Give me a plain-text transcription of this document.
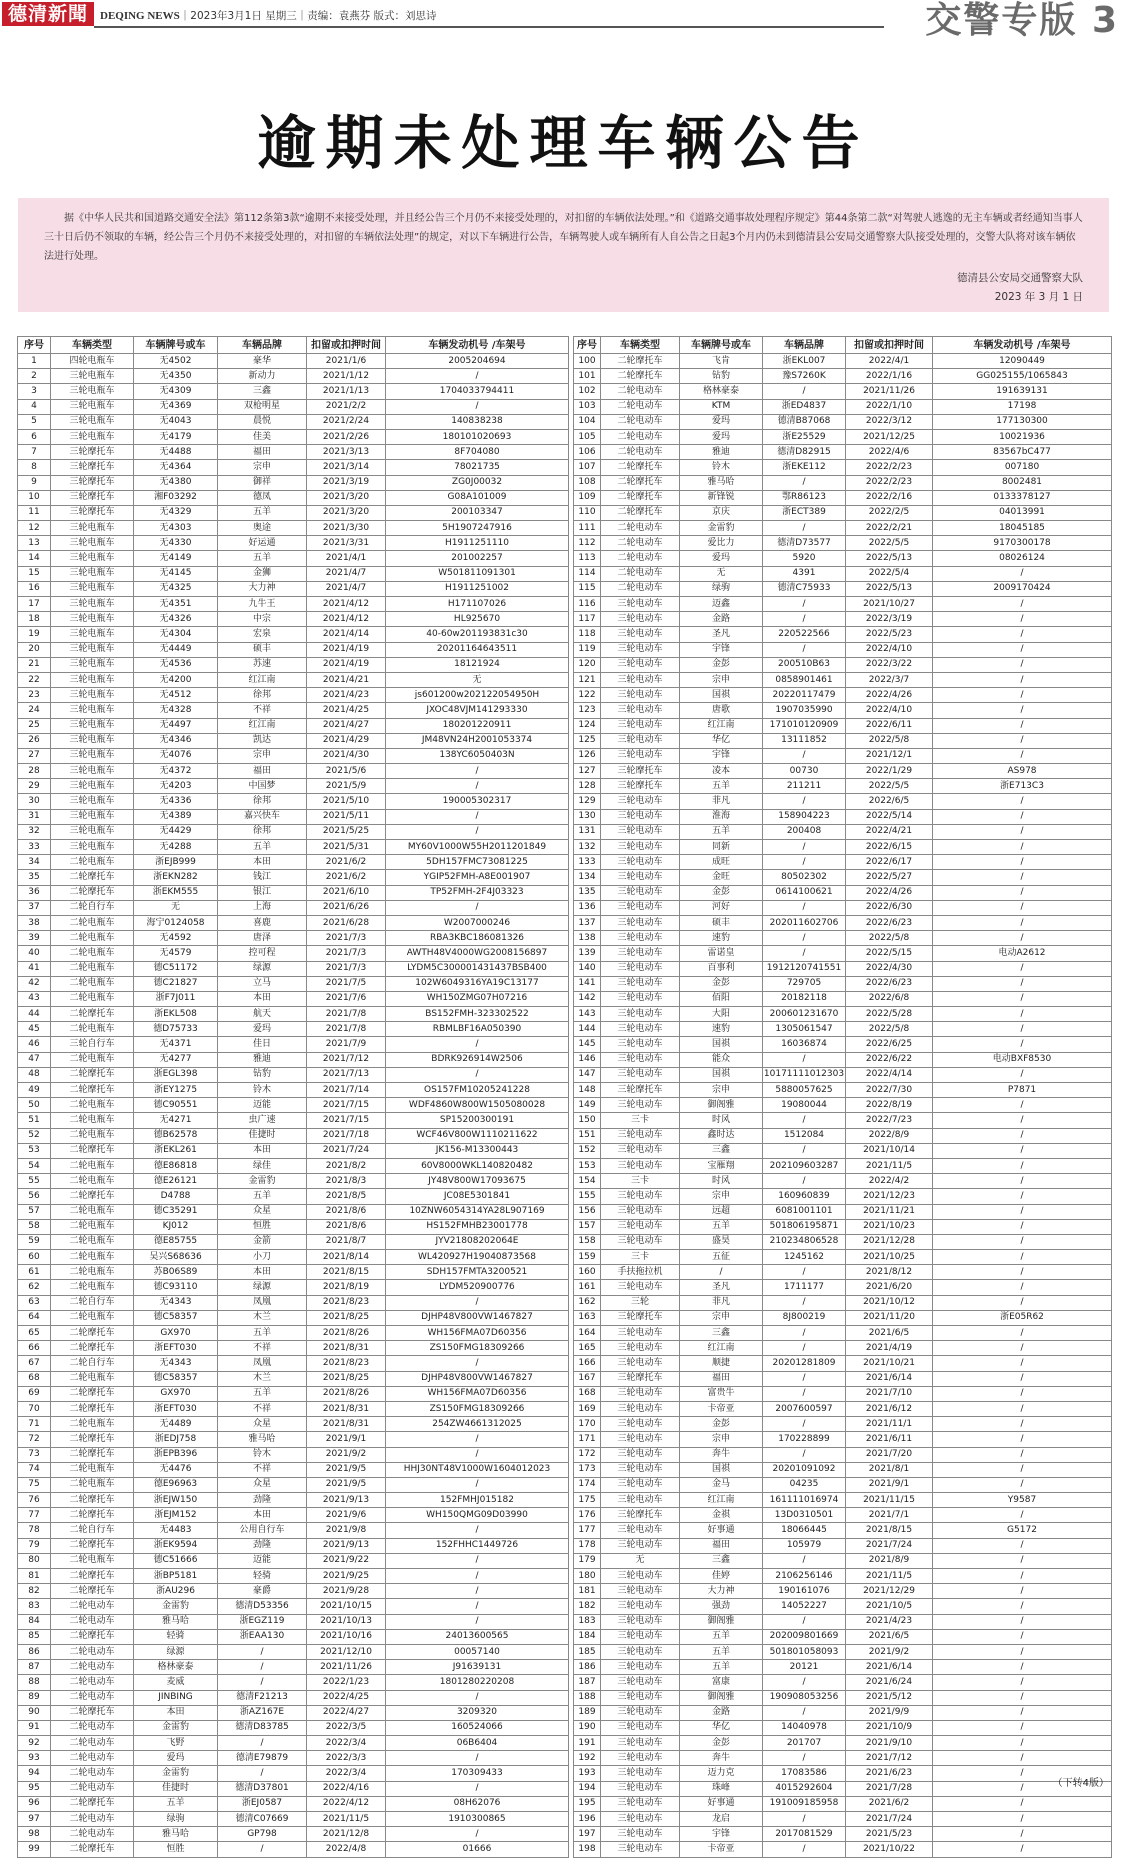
德清新聞	DEQING NEWS｜2023年3月1日 星期三｜责编：袁燕芬 版式：刘思诗	交警专版 3
逾期未处理车辆公告

据《中华人民共和国道路交通安全法》第112条第3款“逾期不来接受处理，并且经公告三个月仍不来接受处理的，对扣留的车辆依法处理。”和《道路交通事故处理程序规定》第44条第二款“对驾驶人逃逸的无主车辆或者经通知当事人三十日后仍不领取的车辆，经公告三个月仍不来接受处理的，对扣留的车辆依法处理”的规定，对以下车辆进行公告，车辆驾驶人或车辆所有人自公告之日起3个月内仍未到德清县公安局交通警察大队接受处理的，交警大队将对该车辆依法进行处理。

德清县公安局交通警察大队
2023 年 3 月 1 日
序号	车辆类型	车辆牌号或车	车辆品牌	扣留或扣押时间	车辆发动机号 /车架号
1	四轮电瓶车	无4502	豪华	2021/1/6	2005204694
2	三轮电瓶车	无4350	新动力	2021/1/12	/
3	三轮电瓶车	无4309	三鑫	2021/1/13	1704033794411
4	三轮电瓶车	无4369	双枪明星	2021/2/2	/
5	三轮电瓶车	无4043	晨悦	2021/2/24	140838238
6	三轮电瓶车	无4179	佳美	2021/2/26	180101020693
7	三轮摩托车	无4488	福田	2021/3/13	8F704080
8	三轮摩托车	无4364	宗申	2021/3/14	78021735
9	三轮摩托车	无4380	御祥	2021/3/19	ZG0J00032
10	三轮摩托车	湘F03292	德凤	2021/3/20	G08A101009
11	三轮摩托车	无4329	五羊	2021/3/20	200103347
12	三轮电瓶车	无4303	奥途	2021/3/30	5H1907247916
13	三轮电瓶车	无4330	好运通	2021/3/31	H1911251110
14	三轮电瓶车	无4149	五羊	2021/4/1	201002257
15	三轮电瓶车	无4145	金狮	2021/4/7	W501811091301
16	三轮电瓶车	无4325	大力神	2021/4/7	H1911251002
17	三轮电瓶车	无4351	九牛王	2021/4/12	H171107026
18	三轮电瓶车	无4326	中宗	2021/4/12	HL925670
19	三轮电瓶车	无4304	宏泉	2021/4/14	40-60w201193831c30
20	三轮电瓶车	无4449	硕丰	2021/4/19	20201164643511
21	三轮电瓶车	无4536	苏速	2021/4/19	18121924
22	三轮电瓶车	无4200	红江南	2021/4/21	无
23	三轮电瓶车	无4512	徐邦	2021/4/23	js601200w202122054950H
24	三轮电瓶车	无4328	不祥	2021/4/25	JXOC48VJM141293330
25	三轮电瓶车	无4497	红江南	2021/4/27	180201220911
26	三轮电瓶车	无4346	凯达	2021/4/29	JM48VN24H2001053374
27	三轮电瓶车	无4076	宗申	2021/4/30	138YC6050403N
28	三轮电瓶车	无4372	福田	2021/5/6	/
29	三轮电瓶车	无4203	中国梦	2021/5/9	/
30	三轮电瓶车	无4336	徐邦	2021/5/10	190005302317
31	三轮电瓶车	无4389	嘉兴快车	2021/5/11	/
32	三轮电瓶车	无4429	徐邦	2021/5/25	/
33	三轮电瓶车	无4288	五羊	2021/5/31	MY60V1000W55H2011201849
34	二轮电瓶车	浙EJB999	本田	2021/6/2	5DH157FMC73081225
35	二轮摩托车	浙EKN282	钱江	2021/6/2	YGIP52FMH-A8E001907
36	二轮摩托车	浙EKM555	银江	2021/6/10	TP52FMH-2F4J03323
37	二轮自行车	无	上海	2021/6/26	/
38	二轮电瓶车	海宁0124058	喜鹿	2021/6/28	W2007000246
39	二轮电瓶车	无4592	唐泽	2021/7/3	RBA3KBC186081326
40	二轮电瓶车	无4579	控可程	2021/7/3	AWTH48V4000WG2008156897
41	二轮电瓶车	德C51172	绿源	2021/7/3	LYDM5C300001431437BSB400
42	二轮电瓶车	德C21827	立马	2021/7/5	102W6049316YA19C13177
43	二轮电瓶车	浙F7J011	本田	2021/7/6	WH150ZMG07H07216
44	二轮摩托车	浙EKL508	航天	2021/7/8	BS152FMH-323302522
45	二轮电瓶车	德D75733	爱玛	2021/7/8	RBMLBF16A050390
46	三轮自行车	无4371	佳日	2021/7/9	/
47	二轮电瓶车	无4277	雅迪	2021/7/12	BDRK926914W2506
48	二轮摩托车	浙EGL398	钻豹	2021/7/13	/
49	二轮摩托车	浙EY1275	铃木	2021/7/14	OS157FM10205241228
50	二轮电瓶车	德C90551	迈能	2021/7/15	WDF4860W800W1505080028
51	二轮电瓶车	无4271	虫广速	2021/7/15	SP15200300191
52	二轮电瓶车	德B62578	佳捷时	2021/7/18	WCF46V800W1110211622
53	二轮摩托车	浙EKL261	本田	2021/7/24	JK156-M13300443
54	二轮电瓶车	德E86818	绿佳	2021/8/2	60V8000WKL140820482
55	二轮电瓶车	德E26121	金雷豹	2021/8/3	JY48V800W17093675
56	二轮摩托车	D4788	五羊	2021/8/5	JC08E5301841
57	二轮电瓶车	德C35291	众星	2021/8/6	10ZNW6054314YA28L907169
58	二轮电瓶车	KJ012	恒胜	2021/8/6	HS152FMHB23001778
59	二轮电瓶车	德E85755	金箭	2021/8/7	JYV21808202064E
60	二轮电瓶车	吴兴S68636	小刀	2021/8/14	WL420927H19040873568
61	二轮电瓶车	苏B06S89	本田	2021/8/15	SDH157FMTA3200521
62	二轮电瓶车	德C93110	绿源	2021/8/19	LYDM520900776
63	二轮自行车	无4343	凤凰	2021/8/23	/
64	二轮电瓶车	德C58357	木兰	2021/8/25	DJHP48V800VW1467827
65	二轮摩托车	GX970	五羊	2021/8/26	WH156FMA07D60356
66	二轮摩托车	浙EFT030	不祥	2021/8/31	ZS150FMG18309266
67	二轮自行车	无4343	凤凰	2021/8/23	/
68	二轮电瓶车	德C58357	木兰	2021/8/25	DJHP48V800VW1467827
69	二轮摩托车	GX970	五羊	2021/8/26	WH156FMA07D60356
70	二轮摩托车	浙EFT030	不祥	2021/8/31	ZS150FMG18309266
71	二轮电瓶车	无4489	众星	2021/8/31	254ZW4661312025
72	二轮摩托车	浙EDJ758	雅马哈	2021/9/1	/
73	二轮摩托车	浙EPB396	铃木	2021/9/2	/
74	二轮电瓶车	无4476	不祥	2021/9/5	HHJ30NT48V1000W1604012023
75	二轮电瓶车	德E96963	众星	2021/9/5	/
76	二轮摩托车	浙EJW150	劲隆	2021/9/13	152FMHJ015182
77	二轮摩托车	浙EJM152	本田	2021/9/6	WH150QMG09D03990
78	二轮自行车	无4483	公用自行车	2021/9/8	/
79	二轮摩托车	浙EK9594	劲隆	2021/9/13	152FHHC1449726
80	二轮电瓶车	德C51666	迈能	2021/9/22	/
81	二轮摩托车	浙BP5181	轻骑	2021/9/25	/
82	二轮摩托车	浙AU296	豪爵	2021/9/28	/
83	二轮电动车	金雷豹	德清D53356	2021/10/15	/
84	二轮电动车	雅马哈	浙EGZ119	2021/10/13	/
85	二轮摩托车	轻骑	浙EAA130	2021/10/16	24013600565
86	二轮电动车	绿源	/	2021/12/10	00057140
87	二轮电动车	格林豪泰	/	2021/11/26	J91639131
88	二轮电动车	麦威	/	2022/1/23	1801280220208
89	二轮电动车	JINBING	德清F21213	2022/4/25	/
90	二轮摩托车	本田	浙AZ167E	2022/4/27	3209320
91	二轮电动车	金雷豹	德清D83785	2022/3/5	160524066
92	二轮电动车	飞野	/	2022/3/4	06B6404
93	二轮电动车	爱玛	德清E79879	2022/3/3	/
94	二轮电动车	金雷豹	/	2022/3/4	170309433
95	二轮电动车	佳捷时	德清D37801	2022/4/16	/
96	二轮摩托车	五羊	浙EJ0587	2022/4/12	08H62076
97	二轮电动车	绿驹	德清C07669	2021/11/5	1910300865
98	二轮电动车	雅马哈	GP798	2021/12/8	/
99	二轮摩托车	恒胜	/	2022/4/8	01666
序号	车辆类型	车辆牌号或车	车辆品牌	扣留或扣押时间	车辆发动机号 /车架号
100	二轮摩托车	飞肯	浙EKL007	2022/4/1	12090449
101	二轮摩托车	钻豹	豫S7260K	2022/1/16	GG025155/1065843
102	二轮电动车	格林豪泰	/	2021/11/26	191639131
103	二轮电动车	KTM	浙ED4837	2022/1/10	17198
104	二轮电动车	爱玛	德清B87068	2022/3/12	177130300
105	二轮电动车	爱玛	浙E25529	2021/12/25	10021936
106	二轮电动车	雅迪	德清D82915	2022/4/6	83567bC477
107	二轮摩托车	铃木	浙EKE112	2022/2/23	007180
108	二轮摩托车	雅马哈	/	2022/2/23	8002481
109	二轮摩托车	新锋锐	鄂R86123	2022/2/16	0133378127
110	二轮摩托车	京庆	浙ECT389	2022/2/5	04013991
111	二轮电动车	金雷豹	/	2022/2/21	18045185
112	二轮电动车	爱比力	德清D73577	2022/5/5	9170300178
113	二轮电动车	爱玛	5920	2022/5/13	08026124
114	二轮电动车	无	4391	2022/5/4	/
115	二轮电动车	绿驹	德清C75933	2022/5/13	2009170424
116	三轮电动车	迈鑫	/	2021/10/27	/
117	三轮电动车	金路	/	2022/3/19	/
118	三轮电动车	圣凡	220522566	2022/5/23	/
119	三轮电动车	宇锋	/	2022/4/10	/
120	三轮电动车	金彭	200510B63	2022/3/22	/
121	三轮电动车	宗申	0858901461	2022/3/7	/
122	三轮电动车	国祺	20220117479	2022/4/26	/
123	三轮电动车	唐歌	1907035990	2022/4/10	/
124	三轮电动车	红江南	171010120909	2022/6/11	/
125	三轮电动车	华亿	13111852	2022/5/8	/
126	三轮电动车	宇锋	/	2021/12/1	/
127	三轮摩托车	凌本	00730	2022/1/29	AS978
128	三轮摩托车	五羊	211211	2022/5/5	浙E713C3
129	三轮电动车	菲凡	/	2022/6/5	/
130	三轮电动车	淮海	158904223	2022/5/14	/
131	三轮电动车	五羊	200408	2022/4/21	/
132	三轮电动车	同新	/	2022/6/15	/
133	三轮电动车	成旺	/	2022/6/17	/
134	三轮电动车	金旺	80502302	2022/5/27	/
135	三轮电动车	金彭	0614100621	2022/4/26	/
136	三轮电动车	河好	/	2022/6/30	/
137	三轮电动车	硕丰	202011602706	2022/6/23	/
138	三轮电动车	速豹	/	2022/5/8	/
139	三轮电动车	雷诺皇	/	2022/5/15	电动A2612
140	三轮电动车	百事利	1912120741551	2022/4/30	/
141	三轮电动车	金彭	729705	2022/6/23	/
142	三轮电动车	佰阳	20182118	2022/6/8	/
143	三轮电动车	大阳	200601231670	2022/5/28	/
144	三轮电动车	速豹	1305061547	2022/5/8	/
145	三轮电动车	国祺	16036874	2022/6/25	/
146	三轮电动车	能众	/	2022/6/22	电动BXF8530
147	三轮电动车	国祺	10171111012303	2022/4/14	/
148	三轮摩托车	宗申	5880057625	2022/7/30	P7871
149	三轮电动车	御阁雅	19080044	2022/8/19	/
150	三卡	时风	/	2022/7/23	/
151	三轮电动车	鑫时达	1512084	2022/8/9	/
152	三轮电动车	三鑫	/	2021/10/14	/
153	三轮电动车	宝雁翔	202109603287	2021/11/5	/
154	三卡	时风	/	2022/4/2	/
155	三轮电动车	宗申	160960839	2021/12/23	/
156	三轮电动车	远超	6081001101	2021/11/21	/
157	三轮电动车	五羊	501806195871	2021/10/23	/
158	三轮电动车	盛昊	210234806528	2021/12/28	/
159	三卡	五征	1245162	2021/10/25	/
160	手扶拖拉机	/	/	2021/8/12	/
161	三轮电动车	圣凡	1711177	2021/6/20	/
162	三轮	菲凡	/	2021/10/12	/
163	三轮摩托车	宗申	8J800219	2021/11/20	浙E05R62
164	三轮电动车	三鑫	/	2021/6/5	/
165	三轮电动车	红江南	/	2021/4/19	/
166	三轮电动车	顺捷	20201281809	2021/10/21	/
167	三轮摩托车	福田	/	2021/6/14	/
168	三轮电动车	富贵牛	/	2021/7/10	/
169	三轮电动车	卡帝亚	2007600597	2021/6/12	/
170	三轮电动车	金彭	/	2021/11/1	/
171	三轮电动车	宗申	170228899	2021/6/11	/
172	三轮电动车	奔牛	/	2021/7/20	/
173	三轮电动车	国祺	20201091092	2021/8/1	/
174	三轮电动车	金马	04235	2021/9/1	/
175	三轮电动车	红江南	161111016974	2021/11/15	Y9587
176	三轮摩托车	金祺	13D0310501	2021/7/1	/
177	三轮电动车	好事通	18066445	2021/8/15	G5172
178	三轮电动车	福田	105979	2021/7/24	/
179	无	三鑫	/	2021/8/9	/
180	三轮电动车	佳婷	2106256146	2021/11/5	/
181	三轮电动车	大力神	190161076	2021/12/29	/
182	三轮电动车	强劲	14052227	2021/10/5	/
183	三轮电动车	御阁雅	/	2021/4/23	/
184	三轮电动车	五羊	202009801669	2021/6/5	/
185	三轮电动车	五羊	501801058093	2021/9/2	/
186	三轮电动车	五羊	20121	2021/6/14	/
187	三轮电动车	富康	/	2021/6/24	/
188	三轮电动车	御阁雅	190908053256	2021/5/12	/
189	三轮电动车	金路	/	2021/9/9	/
190	三轮电动车	华亿	14040978	2021/10/9	/
191	三轮电动车	金彭	201707	2021/9/10	/
192	三轮电动车	奔牛	/	2021/7/12	/
193	三轮电动车	迈力克	17083586	2021/6/23	/
194	三轮电动车	珠峰	4015292604	2021/7/28	/
195	三轮电动车	好事通	191009185958	2021/6/2	/
196	三轮电动车	龙启	/	2021/7/24	/
197	三轮电动车	宇锋	2017081529	2021/5/23	/
198	三轮电动车	卡帝亚	/	2021/10/22	/
（下转4版）
